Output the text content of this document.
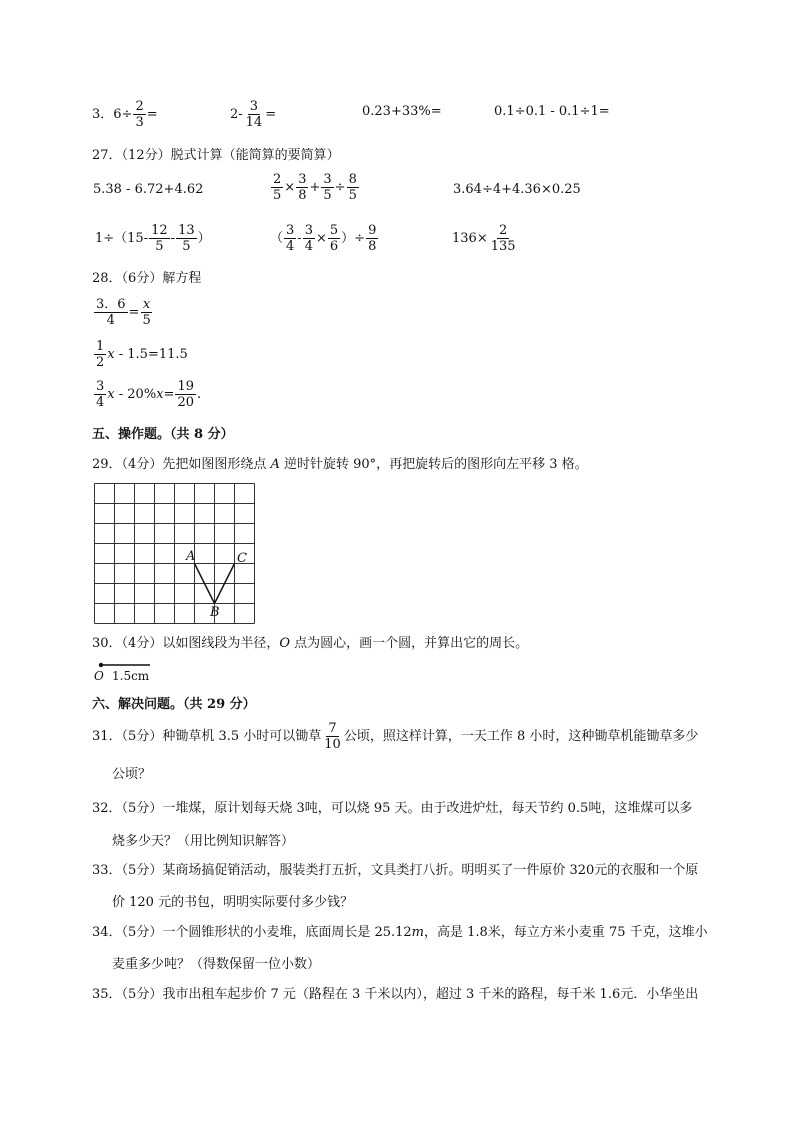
3．$6\div \frac{2}{3}$ =	$2- \frac{3}{14}$ =	0.23+33%=	0.1÷0.1 - 0.1÷1=
27．（12分）脱式计算（能简算的要简算）
5.38 - 6.72+4.62	$\frac{2}{5} \times \frac{3}{8} + \frac{3}{5} \div \frac{8}{5}$	3.64÷4+4.36×0.25
$1\div(15- \frac{12}{5} - \frac{13}{5}$ ）	（ $\frac{3}{4} - \frac{3}{4} \times \frac{5}{6}$ ）÷ $\frac{9}{8}$	$136\times \frac{2}{135}$
28．（6分）解方程
$\frac{3.6}{4} = \frac{x}{5}$
$\frac{1}{2}$ x - 1.5=11.5
$\frac{3}{4}$ $x - 20\%x= \frac{19}{20}$ .
五、操作题。（共 8 分）
29．（4分）先把如图图形绕点 A 逆时针旋转 90°，再把旋转后的图形向左平移 3 格。
A	C
B
30．（4分）以如图线段为半径，O 点为圆心，画一个圆，并算出它的周长。
O 1.5cm
六、解决问题。（共 29 分）
31．（5分）种锄草机 3.5 小时可以锄草 $\frac{7}{10}$ 公顷，照这样计算，一天工作 8 小时，这种锄草机能锄草多少
公顷？
32．（5分）一堆煤，原计划每天烧 3吨，可以烧 95 天。由于改进炉灶，每天节约 0.5吨，这堆煤可以多
烧多少天？（用比例知识解答）
33．（5分）某商场搞促销活动，服装类打五折，文具类打八折。明明买了一件原价 320元的衣服和一个原
价 120 元的书包，明明实际要付多少钱？
34．（5分）一个圆锥形状的小麦堆，底面周长是 25.12m，高是 1.8米，每立方米小麦重 75 千克，这堆小
麦重多少吨？（得数保留一位小数）
35．（5分）我市出租车起步价 7 元（路程在 3 千米以内），超过 3 千米的路程，每千米 1.6元．小华坐出
